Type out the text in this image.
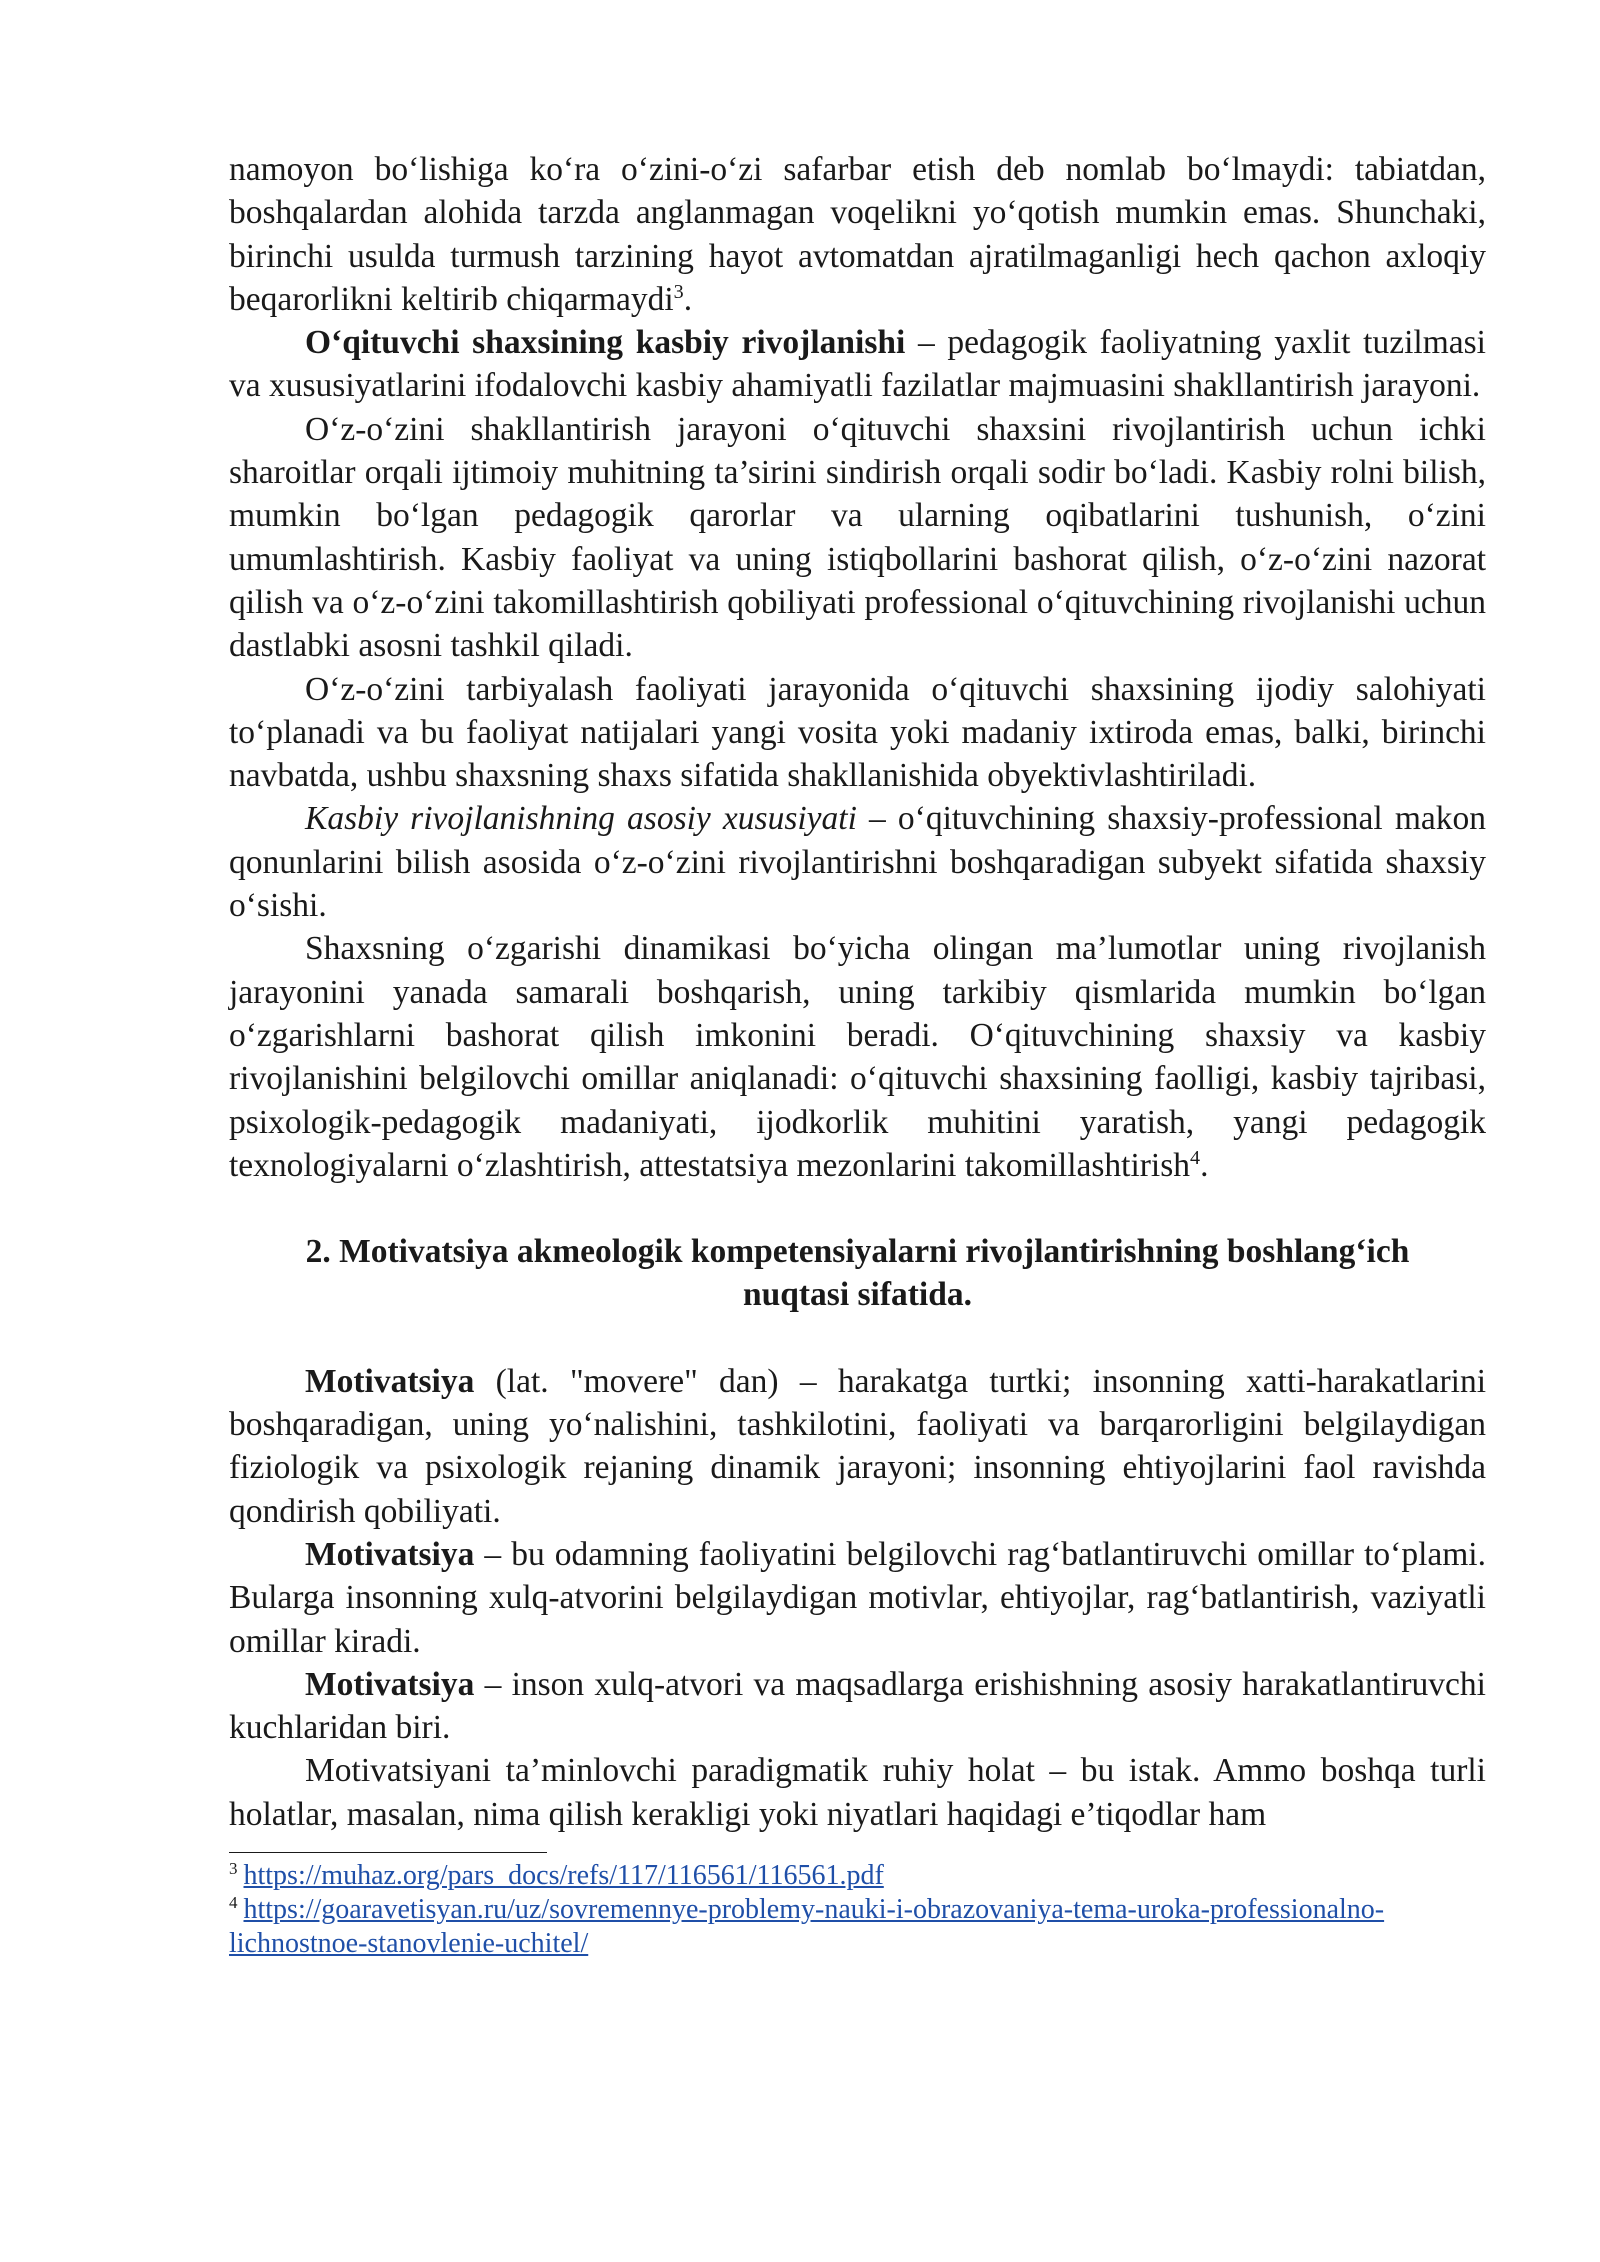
namoyon bo‘lishiga ko‘ra o‘zini-o‘zi safarbar etish deb nomlab bo‘lmaydi: tabiatdan, boshqalardan alohida tarzda anglanmagan voqelikni yo‘qotish mumkin emas. Shunchaki, birinchi usulda turmush tarzining hayot avtomatdan ajratilmaganligi hech qachon axloqiy beqarorlikni keltirib chiqarmaydi$^3$.

O‘qituvchi shaxsining kasbiy rivojlanishi – pedagogik faoliyatning yaxlit tuzilmasi va xususiyatlarini ifodalovchi kasbiy ahamiyatli fazilatlar majmuasini shakllantirish jarayoni.

O‘z-o‘zini shakllantirish jarayoni o‘qituvchi shaxsini rivojlantirish uchun ichki sharoitlar orqali ijtimoiy muhitning ta’sirini sindirish orqali sodir bo‘ladi. Kasbiy rolni bilish, mumkin bo‘lgan pedagogik qarorlar va ularning oqibatlarini tushunish, o‘zini umumlashtirish. Kasbiy faoliyat va uning istiqbollarini bashorat qilish, o‘z-o‘zini nazorat qilish va o‘z-o‘zini takomillashtirish qobiliyati professional o‘qituvchining rivojlanishi uchun dastlabki asosni tashkil qiladi.

O‘z-o‘zini tarbiyalash faoliyati jarayonida o‘qituvchi shaxsining ijodiy salohiyati to‘planadi va bu faoliyat natijalari yangi vosita yoki madaniy ixtiroda emas, balki, birinchi navbatda, ushbu shaxsning shaxs sifatida shakllanishida obyektivlashtiriladi.

Kasbiy rivojlanishning asosiy xususiyati – o‘qituvchining shaxsiy-professional makon qonunlarini bilish asosida o‘z-o‘zini rivojlantirishni boshqaradigan subyekt sifatida shaxsiy o‘sishi.

Shaxsning o‘zgarishi dinamikasi bo‘yicha olingan ma’lumotlar uning rivojlanish jarayonini yanada samarali boshqarish, uning tarkibiy qismlarida mumkin bo‘lgan o‘zgarishlarni bashorat qilish imkonini beradi. O‘qituvchining shaxsiy va kasbiy rivojlanishini belgilovchi omillar aniqlanadi: o‘qituvchi shaxsining faolligi, kasbiy tajribasi, psixologik-pedagogik madaniyati, ijodkorlik muhitini yaratish, yangi pedagogik texnologiyalarni o‘zlashtirish, attestatsiya mezonlarini takomillashtirish$^4$.

2. Motivatsiya akmeologik kompetensiyalarni rivojlantirishning boshlang‘ich
nuqtasi sifatida.

Motivatsiya (lat. "movere" dan) – harakatga turtki; insonning xatti-harakatlarini boshqaradigan, uning yo‘nalishini, tashkilotini, faoliyati va barqarorligini belgilaydigan fiziologik va psixologik rejaning dinamik jarayoni; insonning ehtiyojlarini faol ravishda qondirish qobiliyati.

Motivatsiya – bu odamning faoliyatini belgilovchi rag‘batlantiruvchi omillar to‘plami. Bularga insonning xulq-atvorini belgilaydigan motivlar, ehtiyojlar, rag‘batlantirish, vaziyatli omillar kiradi.

Motivatsiya – inson xulq-atvori va maqsadlarga erishishning asosiy harakatlantiruvchi kuchlaridan biri.

Motivatsiyani ta’minlovchi paradigmatik ruhiy holat – bu istak. Ammo boshqa turli holatlar, masalan, nima qilish kerakligi yoki niyatlari haqidagi e’tiqodlar ham

$^3$ https://muhaz.org/pars_docs/refs/117/116561/116561.pdf
$^4$ https://goaravetisyan.ru/uz/sovremennye-problemy-nauki-i-obrazovaniya-tema-uroka-professionalno-lichnostnoe-stanovlenie-uchitel/
